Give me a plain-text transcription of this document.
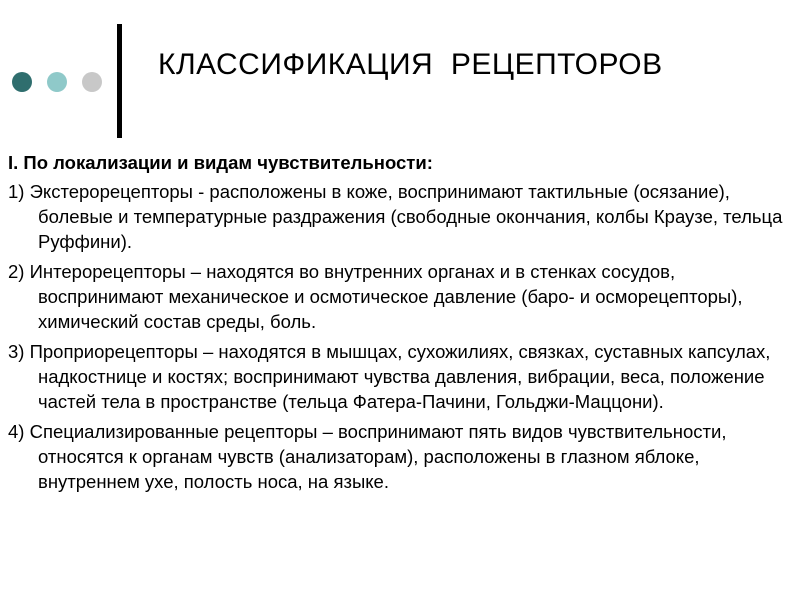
КЛАССИФИКАЦИЯ  РЕЦЕПТОРОВ

I. По локализации и видам чувствительности:

1) Экстерорецепторы - расположены в коже, воспринимают тактильные (осязание), болевые и температурные раздражения (свободные окончания, колбы Краузе, тельца Руффини).

2) Интерорецепторы – находятся во внутренних органах и в стенках сосудов, воспринимают механическое и осмотическое давление (баро- и осморецепторы), химический состав среды, боль.

3) Проприорецепторы – находятся в мышцах, сухожилиях, связках, суставных капсулах, надкостнице и костях; воспринимают чувства давления, вибрации, веса, положение частей тела в пространстве (тельца Фатера-Пачини, Гольджи-Маццони).

4) Специализированные рецепторы – воспринимают пять видов чувствительности, относятся к органам чувств (анализаторам), расположены в глазном яблоке, внутреннем ухе, полость носа, на языке.
